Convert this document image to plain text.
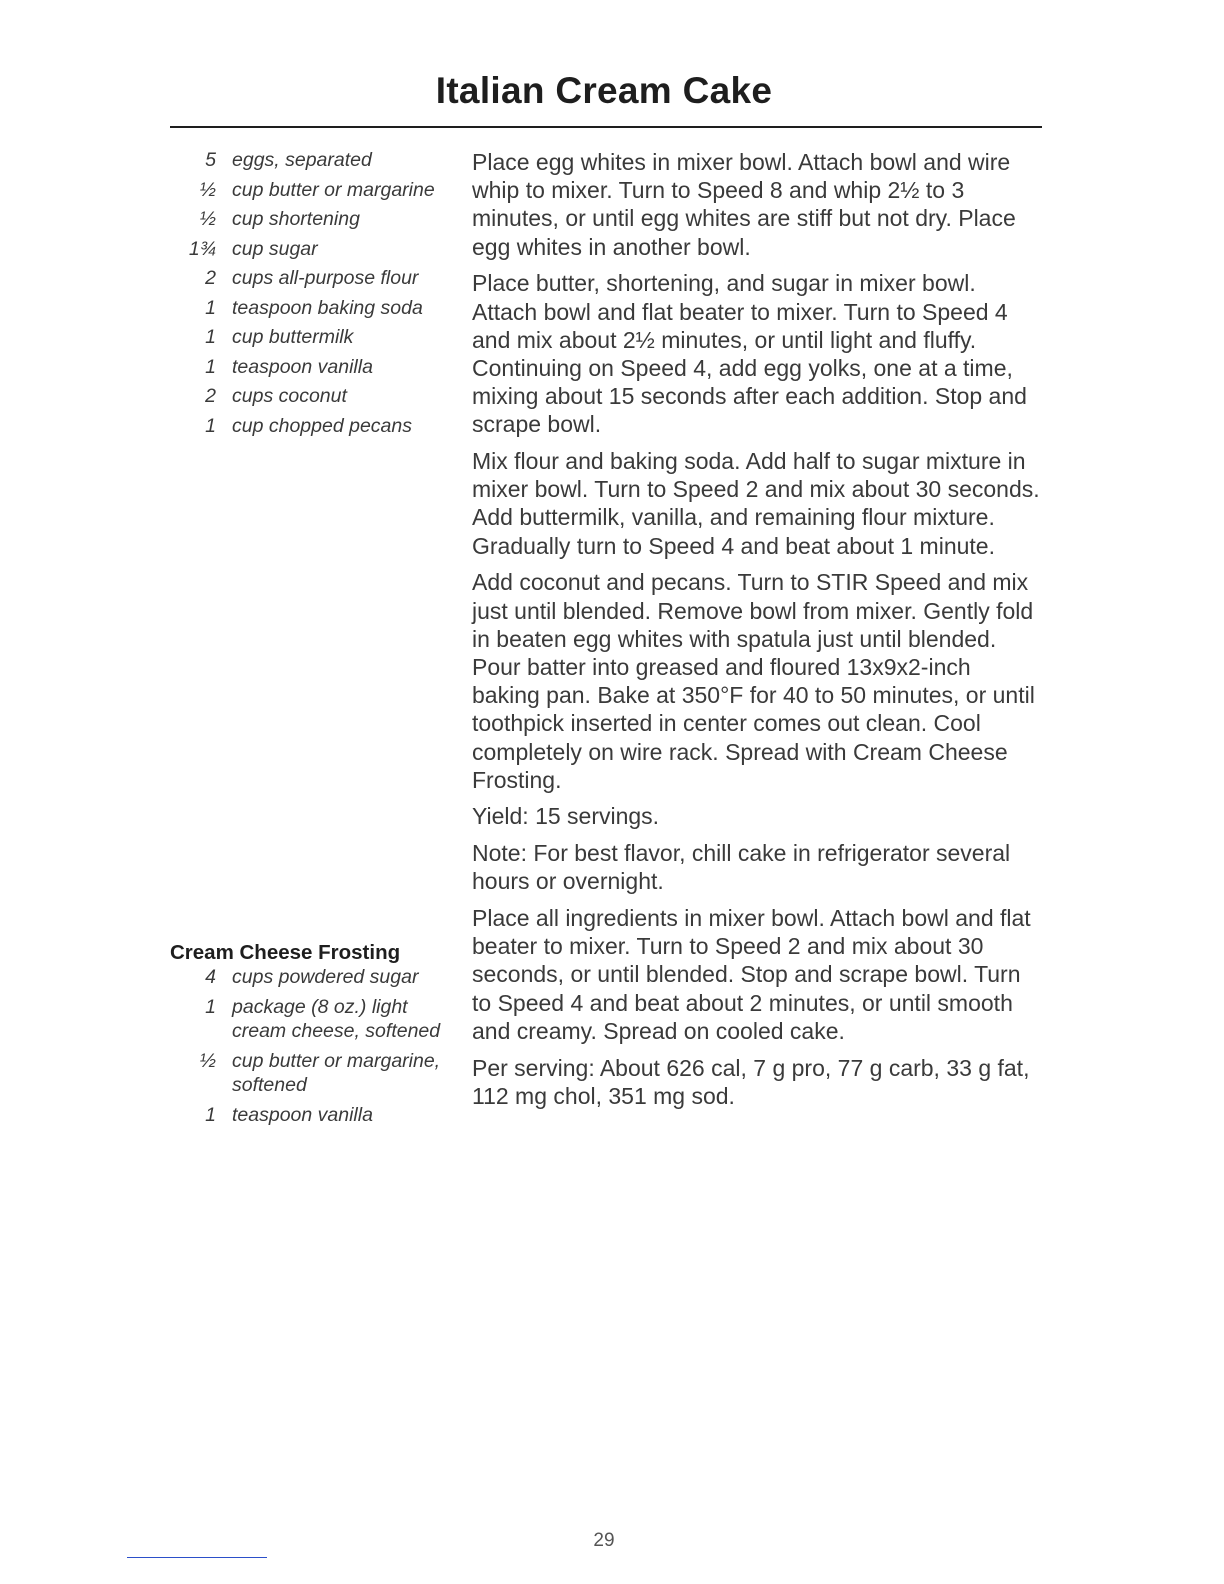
Italian Cream Cake
5 eggs, separated
½ cup butter or margarine
½ cup shortening
1¾ cup sugar
2 cups all-purpose flour
1 teaspoon baking soda
1 cup buttermilk
1 teaspoon vanilla
2 cups coconut
1 cup chopped pecans
Cream Cheese Frosting
4 cups powdered sugar
1 package (8 oz.) light cream cheese, softened
½ cup butter or margarine, softened
1 teaspoon vanilla

Place egg whites in mixer bowl. Attach bowl and wire whip to mixer. Turn to Speed 8 and whip 2½ to 3 minutes, or until egg whites are stiff but not dry. Place egg whites in another bowl.

Place butter, shortening, and sugar in mixer bowl. Attach bowl and flat beater to mixer. Turn to Speed 4 and mix about 2½ minutes, or until light and fluffy. Continuing on Speed 4, add egg yolks, one at a time, mixing about 15 seconds after each addition. Stop and scrape bowl.

Mix flour and baking soda. Add half to sugar mixture in mixer bowl. Turn to Speed 2 and mix about 30 seconds. Add buttermilk, vanilla, and remaining flour mixture. Gradually turn to Speed 4 and beat about 1 minute.

Add coconut and pecans. Turn to STIR Speed and mix just until blended. Remove bowl from mixer. Gently fold in beaten egg whites with spatula just until blended. Pour batter into greased and floured 13x9x2-inch baking pan. Bake at 350°F for 40 to 50 minutes, or until toothpick inserted in center comes out clean. Cool completely on wire rack. Spread with Cream Cheese Frosting.

Yield: 15 servings.

Note: For best flavor, chill cake in refrigerator several hours or overnight.

Place all ingredients in mixer bowl. Attach bowl and flat beater to mixer. Turn to Speed 2 and mix about 30 seconds, or until blended. Stop and scrape bowl. Turn to Speed 4 and beat about 2 minutes, or until smooth and creamy. Spread on cooled cake.

Per serving: About 626 cal, 7 g pro, 77 g carb, 33 g fat, 112 mg chol, 351 mg sod.

29
